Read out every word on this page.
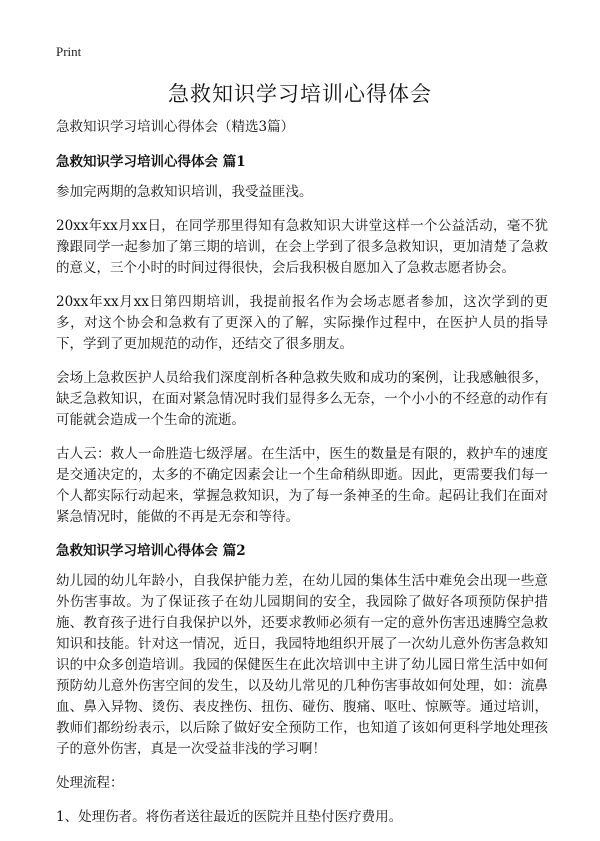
Print
急救知识学习培训心得体会

急救知识学习培训心得体会（精选3篇）

急救知识学习培训心得体会 篇1

参加完两期的急救知识培训，我受益匪浅。

20xx年xx月xx日，在同学那里得知有急救知识大讲堂这样一个公益活动，毫不犹豫跟同学一起参加了第三期的培训，在会上学到了很多急救知识，更加清楚了急救的意义，三个小时的时间过得很快，会后我积极自愿加入了急救志愿者协会。

20xx年xx月xx日第四期培训，我提前报名作为会场志愿者参加，这次学到的更多，对这个协会和急救有了更深入的了解，实际操作过程中，在医护人员的指导下，学到了更加规范的动作，还结交了很多朋友。

会场上急救医护人员给我们深度剖析各种急救失败和成功的案例，让我感触很多，缺乏急救知识，在面对紧急情况时我们显得多么无奈，一个小小的不经意的动作有可能就会造成一个生命的流逝。

古人云：救人一命胜造七级浮屠。在生活中，医生的数量是有限的，救护车的速度是交通决定的，太多的不确定因素会让一个生命稍纵即逝。因此，更需要我们每一个人都实际行动起来，掌握急救知识，为了每一条神圣的生命。起码让我们在面对紧急情况时，能做的不再是无奈和等待。

急救知识学习培训心得体会 篇2

幼儿园的幼儿年龄小，自我保护能力差，在幼儿园的集体生活中难免会出现一些意外伤害事故。为了保证孩子在幼儿园期间的安全，我园除了做好各项预防保护措施、教育孩子进行自我保护以外，还要求教师必须有一定的意外伤害迅速腾空急救知识和技能。针对这一情况，近日，我园特地组织开展了一次幼儿意外伤害急救知识的中众多创造培训。我园的保健医生在此次培训中主讲了幼儿园日常生活中如何预防幼儿意外伤害空间的发生，以及幼儿常见的几种伤害事故如何处理，如：流鼻血、鼻入异物、烫伤、表皮挫伤、扭伤、碰伤、腹痛、呕吐、惊厥等。通过培训，教师们都纷纷表示，以后除了做好安全预防工作，也知道了该如何更科学地处理孩子的意外伤害，真是一次受益非浅的学习啊！

处理流程：

1、处理伤者。将伤者送往最近的医院并且垫付医疗费用。
